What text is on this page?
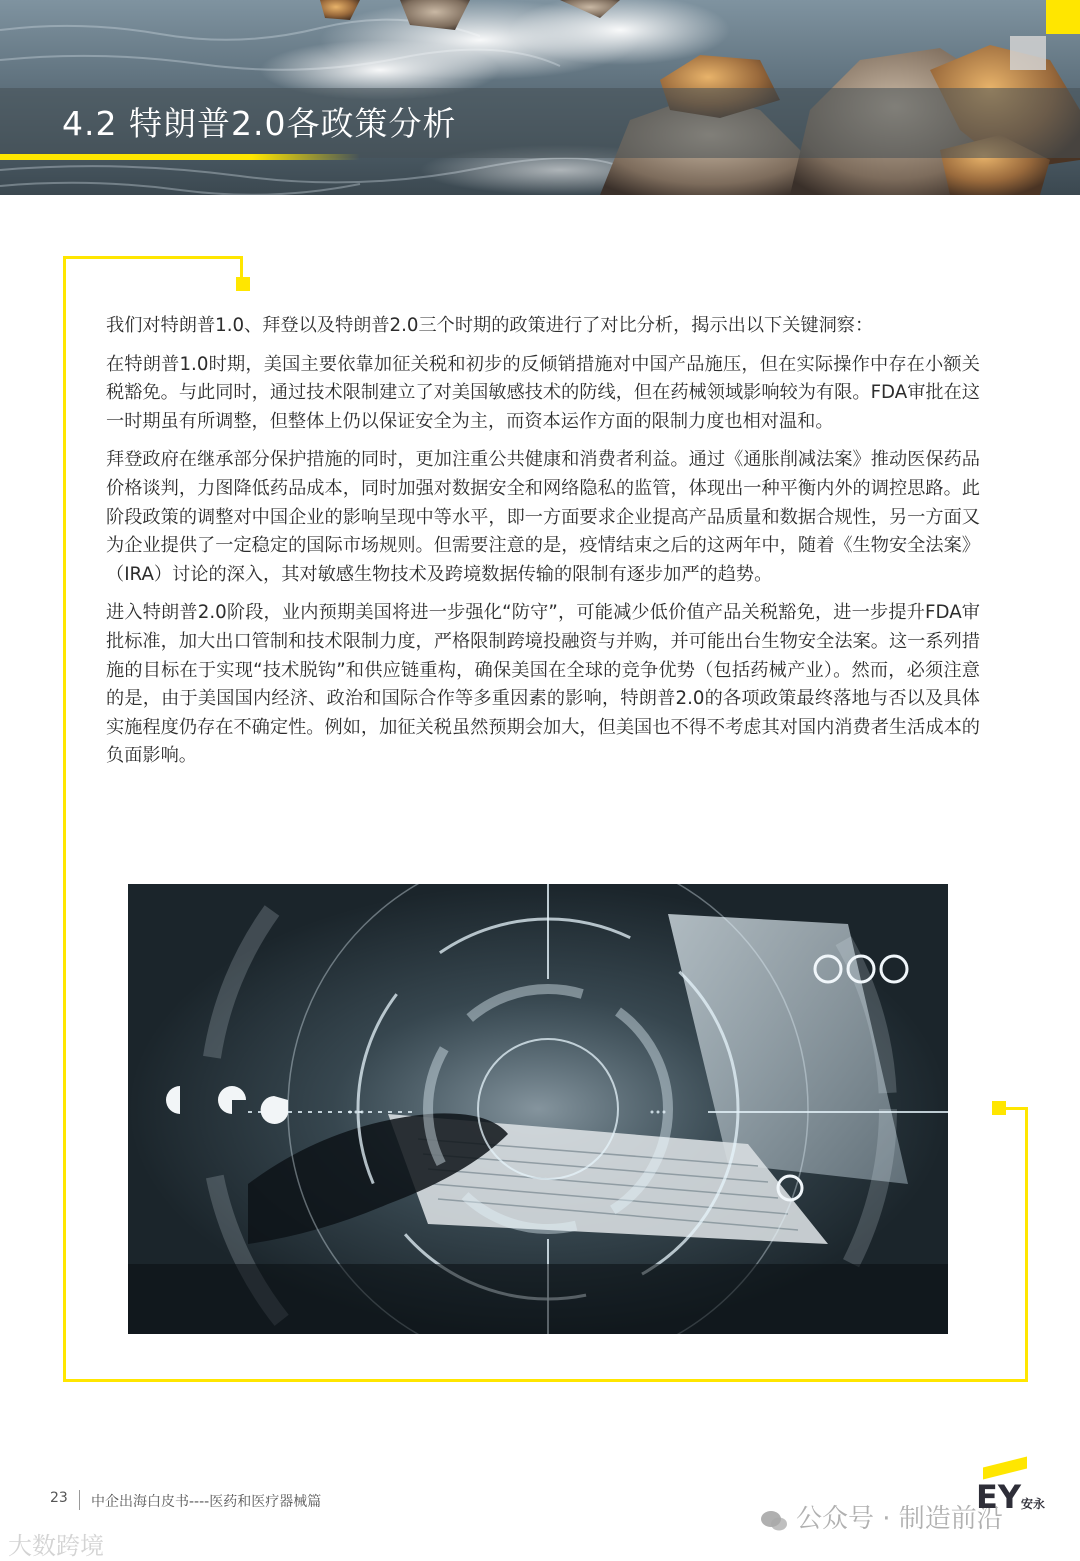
4.2 特朗普2.0各政策分析

我们对特朗普1.0、拜登以及特朗普2.0三个时期的政策进行了对比分析，揭示出以下关键洞察：

在特朗普1.0时期，美国主要依靠加征关税和初步的反倾销措施对中国产品施压，但在实际操作中存在小额关税豁免。与此同时，通过技术限制建立了对美国敏感技术的防线，但在药械领域影响较为有限。FDA审批在这一时期虽有所调整，但整体上仍以保证安全为主，而资本运作方面的限制力度也相对温和。

拜登政府在继承部分保护措施的同时，更加注重公共健康和消费者利益。通过《通胀削减法案》推动医保药品价格谈判，力图降低药品成本，同时加强对数据安全和网络隐私的监管，体现出一种平衡内外的调控思路。此阶段政策的调整对中国企业的影响呈现中等水平，即一方面要求企业提高产品质量和数据合规性，另一方面又为企业提供了一定稳定的国际市场规则。但需要注意的是，疫情结束之后的这两年中，随着《生物安全法案》（IRA）讨论的深入，其对敏感生物技术及跨境数据传输的限制有逐步加严的趋势。

进入特朗普2.0阶段，业内预期美国将进一步强化“防守”，可能减少低价值产品关税豁免，进一步提升FDA审批标准，加大出口管制和技术限制力度，严格限制跨境投融资与并购，并可能出台生物安全法案。这一系列措施的目标在于实现“技术脱钩”和供应链重构，确保美国在全球的竞争优势（包括药械产业）。然而，必须注意的是，由于美国国内经济、政治和国际合作等多重因素的影响，特朗普2.0的各项政策最终落地与否以及具体实施程度仍存在不确定性。例如，加征关税虽然预期会加大，但美国也不得不考虑其对国内消费者生活成本的负面影响。

23 中企出海白皮书----医药和医疗器械篇
公众号 · 制造前沿
EY安永
大数跨境
